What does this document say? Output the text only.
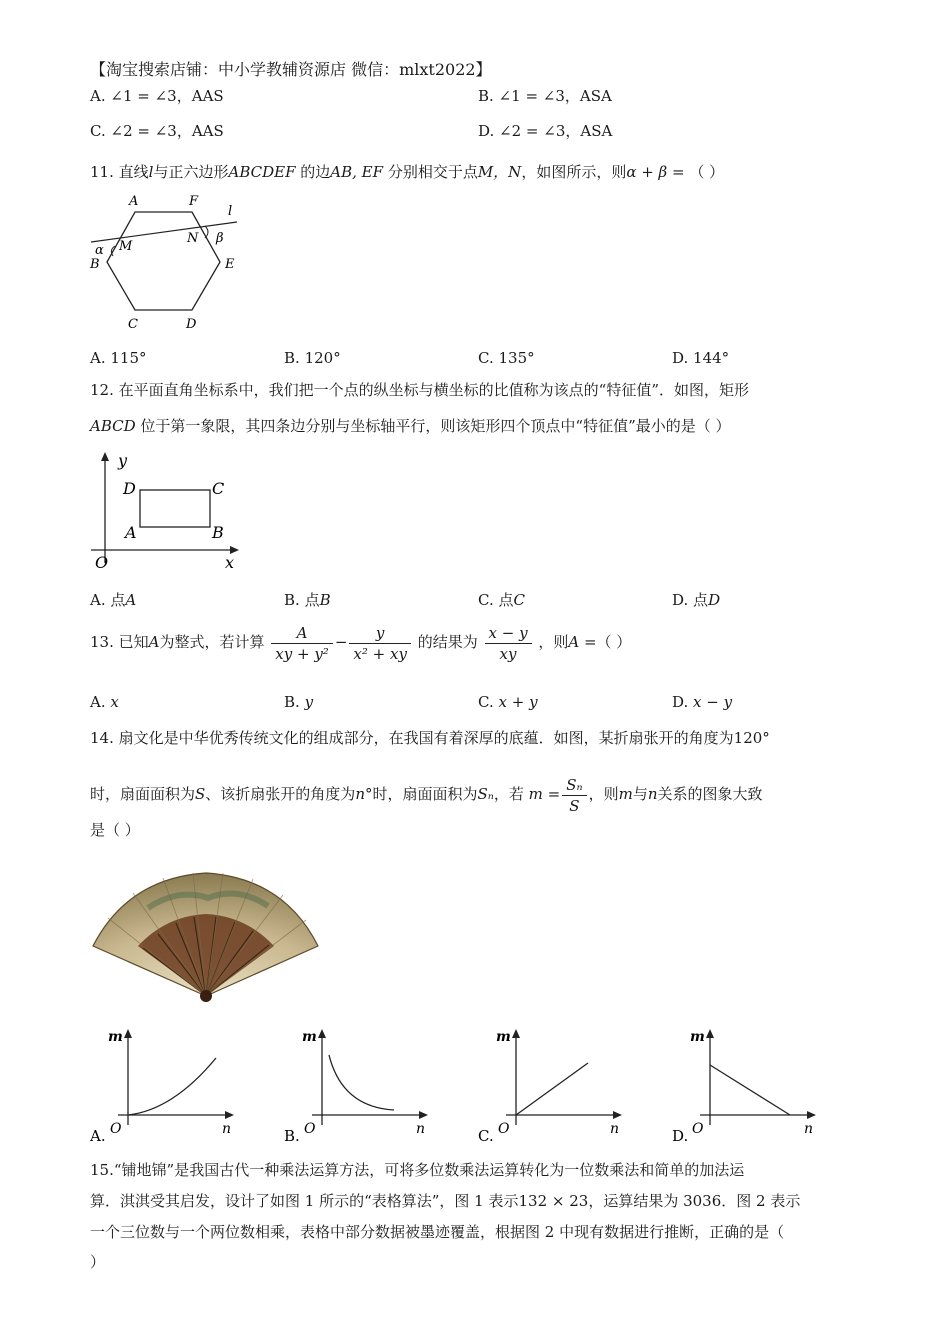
【淘宝搜索店铺：中小学教辅资源店 微信：mlxt2022】
A. ∠1 = ∠3，AAS	B. ∠1 = ∠3，ASA
C. ∠2 = ∠3，AAS	D. ∠2 = ∠3，ASA
11. 直线l与正六边形ABCDEF 的边AB, EF 分别相交于点M，N，如图所示，则α + β = （ ）
A	F
l
α M
N β
B	E
C	D
A. 115°	B. 120°	C. 135°	D. 144°
12. 在平面直角坐标系中，我们把一个点的纵坐标与横坐标的比值称为该点的“特征值”．如图，矩形
ABCD 位于第一象限，其四条边分别与坐标轴平行，则该矩形四个顶点中“特征值”最小的是（ ）
y
x
O
A	B
C
D
A. 点A	B. 点B	C. 点C	D. 点D
13. 已知A为整式，若计算 $\frac{A}{\text{xy + y²}} - \frac{y}{\text{x² + xy}}$ 的结果为 $\frac{x - y}{xy}$ ，则A =（ ）
A. x	B. y	C. x + y	D. x − y
14. 扇文化是中华优秀传统文化的组成部分，在我国有着深厚的底蕴．如图，某折扇张开的角度为120°
时，扇面面积为S、该折扇张开的角度为n°时，扇面面积为Sₙ，若 $m = \frac{\text{Sₙ}}{S}$ ，则m与n关系的图象大致
是（ ）
m
n
O
A.
m
n
O
B.
m
n
O
C.
m
n
O
D.
15.“铺地锦”是我国古代一种乘法运算方法，可将多位数乘法运算转化为一位数乘法和简单的加法运
算．淇淇受其启发，设计了如图 1 所示的“表格算法”，图 1 表示132 × 23，运算结果为 3036．图 2 表示
一个三位数与一个两位数相乘，表格中部分数据被墨迹覆盖，根据图 2 中现有数据进行推断，正确的是（
）
